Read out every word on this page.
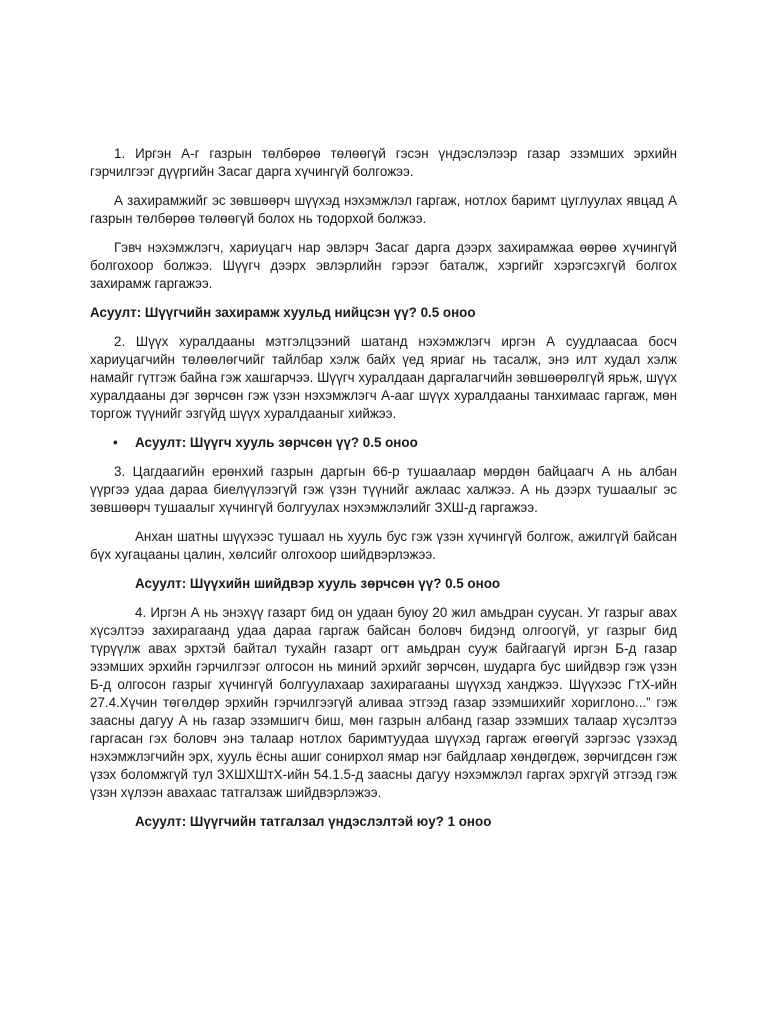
1. Иргэн А-г газрын төлбөрөө төлөөгүй гэсэн үндэслэлээр газар эзэмших эрхийн гэрчилгээг дүүргийн Засаг дарга хүчингүй болгожээ.

А захирамжийг эс зөвшөөрч шүүхэд нэхэмжлэл гаргаж, нотлох баримт цуглуулах явцад А газрын төлбөрөө төлөөгүй болох нь тодорхой болжээ.

Гэвч нэхэмжлэгч, хариуцагч нар эвлэрч Засаг дарга дээрх захирамжаа өөрөө хүчингүй болгохоор болжээ. Шүүгч дээрх эвлэрлийн гэрээг баталж, хэргийг хэрэгсэхгүй болгох захирамж гаргажээ.

Асуулт: Шүүгчийн захирамж хуульд нийцсэн үү? 0.5 оноо

2. Шүүх хуралдааны мэтгэлцээний шатанд нэхэмжлэгч иргэн А суудлаасаа босч хариуцагчийн төлөөлөгчийг тайлбар хэлж байх үед яриаг нь тасалж, энэ илт худал хэлж намайг гүтгэж байна гэж хашгарчээ. Шүүгч хуралдаан даргалагчийн зөвшөөрөлгүй ярьж, шүүх хуралдааны дэг зөрчсөн гэж үзэн нэхэмжлэгч А-ааг шүүх хуралдааны танхимаас гаргаж, мөн торгож түүнийг эзгүйд шүүх хуралдааныг хийжээ.

• Асуулт: Шүүгч хууль зөрчсөн үү? 0.5 оноо

3. Цагдаагийн ерөнхий газрын даргын 66-р тушаалаар мөрдөн байцаагч А нь албан үүргээ удаа дараа биелүүлээгүй гэж үзэн түүнийг ажлаас халжээ. А нь дээрх тушаалыг эс зөвшөөрч тушаалыг хүчингүй болгуулах нэхэмжлэлийг ЗХШ-д гаргажээ.

Анхан шатны шүүхээс тушаал нь хууль бус гэж үзэн хүчингүй болгож, ажилгүй байсан бүх хугацааны цалин, хөлсийг олгохоор шийдвэрлэжээ.

Асуулт: Шүүхийн шийдвэр хууль зөрчсөн үү? 0.5 оноо

4. Иргэн А нь энэхүү газарт бид он удаан буюу 20 жил амьдран суусан. Уг газрыг авах хүсэлтээ захирагаанд удаа дараа гаргаж байсан боловч бидэнд олгоогүй, уг газрыг бид түрүүлж авах эрхтэй байтал тухайн газарт огт амьдран сууж байгаагүй иргэн Б-д газар эзэмших эрхийн гэрчилгээг олгосон нь миний эрхийг зөрчсөн, шударга бус шийдвэр гэж үзэн Б-д олгосон газрыг хүчингүй болгуулахаар захирагааны шүүхэд ханджээ. Шүүхээс ГтХ-ийн 27.4.Хүчин төгөлдөр эрхийн гэрчилгээгүй аливаа этгээд газар эзэмшихийг хориглоно...” гэж заасны дагуу А нь газар эзэмшигч биш, мөн газрын албанд газар эзэмших талаар хүсэлтээ гаргасан гэх боловч энэ талаар нотлох баримтуудаа шүүхэд гаргаж өгөөгүй зэргээс үзэхэд нэхэмжлэгчийн эрх, хууль ёсны ашиг сонирхол ямар нэг байдлаар хөндөгдөж, зөрчигдсөн гэж үзэх боломжгүй тул ЗХШХШтХ-ийн 54.1.5-д заасны дагуу нэхэмжлэл гаргах эрхгүй этгээд гэж үзэн хүлээн авахаас татгалзаж шийдвэрлэжээ.

Асуулт: Шүүгчийн татгалзал үндэслэлтэй юу? 1 оноо
